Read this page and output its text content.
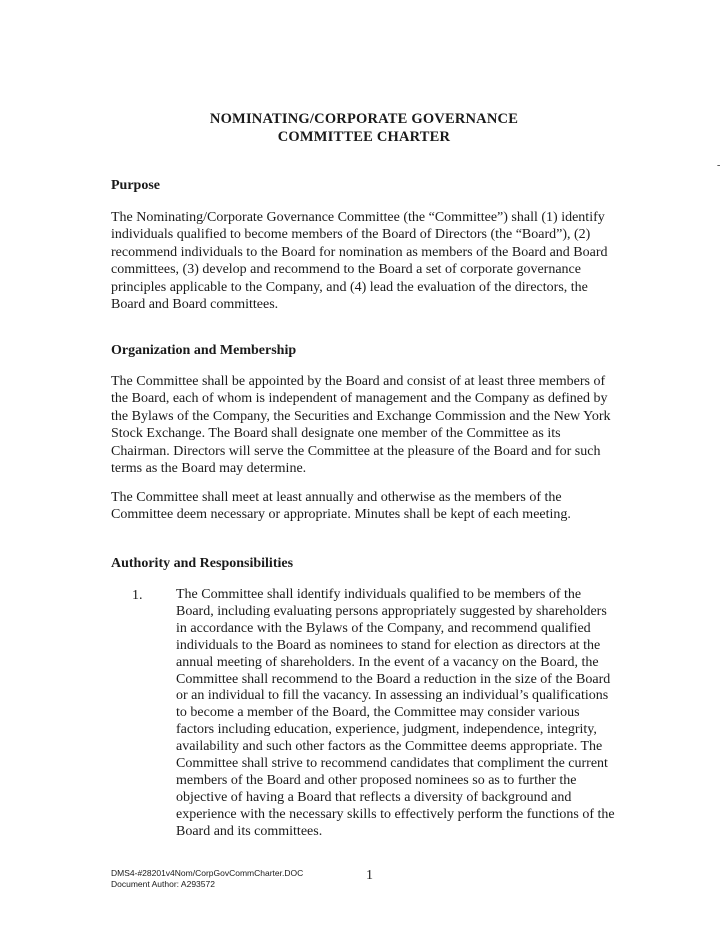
NOMINATING/CORPORATE GOVERNANCE
COMMITTEE CHARTER
-
Purpose
The Nominating/Corporate Governance Committee (the “Committee”) shall (1) identify
individuals qualified to become members of the Board of Directors (the “Board”), (2)
recommend individuals to the Board for nomination as members of the Board and Board
committees, (3) develop and recommend to the Board a set of corporate governance
principles applicable to the Company, and (4) lead the evaluation of the directors, the
Board and Board committees.
Organization and Membership
The Committee shall be appointed by the Board and consist of at least three members of
the Board, each of whom is independent of management and the Company as defined by
the Bylaws of the Company, the Securities and Exchange Commission and the New York
Stock Exchange. The Board shall designate one member of the Committee as its
Chairman. Directors will serve the Committee at the pleasure of the Board and for such
terms as the Board may determine.
The Committee shall meet at least annually and otherwise as the members of the
Committee deem necessary or appropriate. Minutes shall be kept of each meeting.
Authority and Responsibilities
1. The Committee shall identify individuals qualified to be members of the
Board, including evaluating persons appropriately suggested by shareholders
in accordance with the Bylaws of the Company, and recommend qualified
individuals to the Board as nominees to stand for election as directors at the
annual meeting of shareholders. In the event of a vacancy on the Board, the
Committee shall recommend to the Board a reduction in the size of the Board
or an individual to fill the vacancy. In assessing an individual’s qualifications
to become a member of the Board, the Committee may consider various
factors including education, experience, judgment, independence, integrity,
availability and such other factors as the Committee deems appropriate. The
Committee shall strive to recommend candidates that compliment the current
members of the Board and other proposed nominees so as to further the
objective of having a Board that reflects a diversity of background and
experience with the necessary skills to effectively perform the functions of the
Board and its committees.
DMS4-#28201v4Nom/CorpGovCommCharter.DOC
Document Author: A293572
1
